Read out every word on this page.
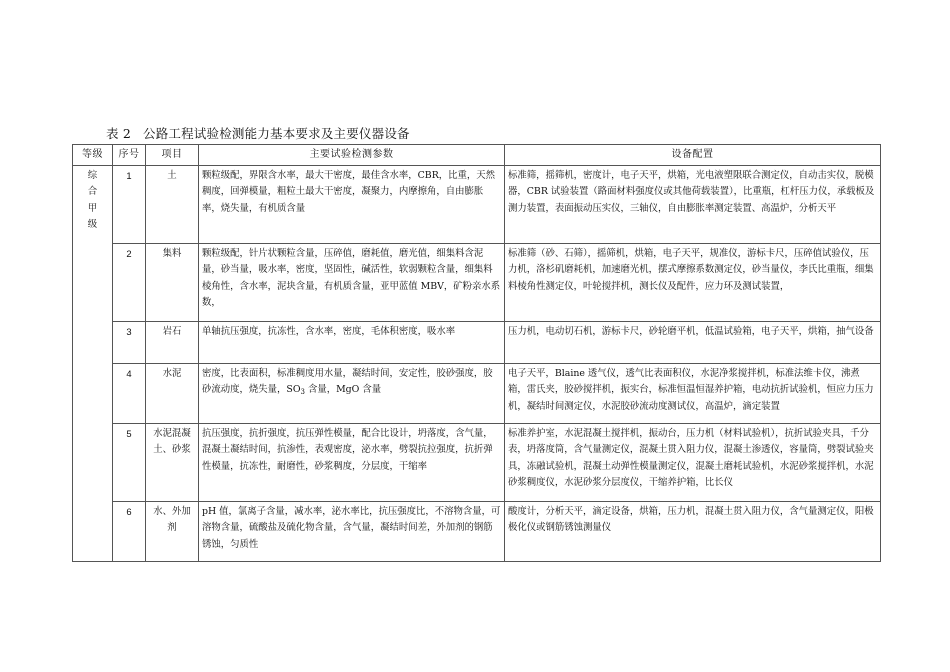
表 2 公路工程试验检测能力基本要求及主要仪器设备
等级	序号	项目	主要试验检测参数	设备配置
综合甲级	1	土	颗粒级配，界限含水率，最大干密度，最佳含水率，CBR，比重，天然稠度，回弹模量，粗粒土最大干密度，凝聚力，内摩擦角，自由膨胀率，烧失量，有机质含量	标准筛，摇筛机，密度计，电子天平，烘箱，光电液塑限联合测定仪，自动击实仪，脱模器，CBR 试验装置（路面材料强度仪或其他荷载装置），比重瓶，杠杆压力仪，承载板及测力装置，表面振动压实仪，三轴仪，自由膨胀率测定装置、高温炉，分析天平
	2	集料	颗粒级配，针片状颗粒含量，压碎值，磨耗值，磨光值，细集料含泥量，砂当量，吸水率，密度，坚固性，碱活性，软弱颗粒含量，细集料棱角性，含水率，泥块含量，有机质含量，亚甲蓝值 MBV，矿粉亲水系数，	标准筛（砂、石筛），摇筛机，烘箱，电子天平，规准仪，游标卡尺，压碎值试验仪，压力机，洛杉矶磨耗机，加速磨光机，摆式摩擦系数测定仪，砂当量仪，李氏比重瓶，细集料棱角性测定仪，叶轮搅拌机，测长仪及配件，应力环及测试装置，
	3	岩石	单轴抗压强度，抗冻性，含水率，密度，毛体积密度，吸水率	压力机，电动切石机，游标卡尺，砂轮磨平机，低温试验箱，电子天平，烘箱，抽气设备
	4	水泥	密度，比表面积，标准稠度用水量，凝结时间，安定性，胶砂强度，胶砂流动度，烧失量，$SO_3$ 含量，MgO 含量	电子天平，Blaine 透气仪，透气比表面积仪，水泥净浆搅拌机，标准法维卡仪，沸煮箱，雷氏夹，胶砂搅拌机，振实台，标准恒温恒湿养护箱，电动抗折试验机，恒应力压力机，凝结时间测定仪，水泥胶砂流动度测试仪，高温炉，滴定装置
	5	水泥混凝土、砂浆	抗压强度，抗折强度，抗压弹性模量，配合比设计，坍落度，含气量，混凝土凝结时间，抗渗性，表观密度，泌水率，劈裂抗拉强度，抗折弹性模量，抗冻性，耐磨性，砂浆稠度，分层度，干缩率	标准养护室，水泥混凝土搅拌机，振动台，压力机（材料试验机），抗折试验夹具，千分表，坍落度筒，含气量测定仪，混凝土贯入阻力仪，混凝土渗透仪，容量筒，劈裂试验夹具，冻融试验机，混凝土动弹性模量测定仪，混凝土磨耗试验机，水泥砂浆搅拌机，水泥砂浆稠度仪，水泥砂浆分层度仪，干缩养护箱，比长仪
	6	水、外加剂	pH 值，氯离子含量，减水率，泌水率比，抗压强度比，不溶物含量，可溶物含量，硫酸盐及硫化物含量，含气量，凝结时间差，外加剂的钢筋锈蚀，匀质性	酸度计，分析天平，滴定设备，烘箱，压力机，混凝土贯入阻力仪，含气量测定仪，阳极极化仪或钢筋锈蚀测量仪
